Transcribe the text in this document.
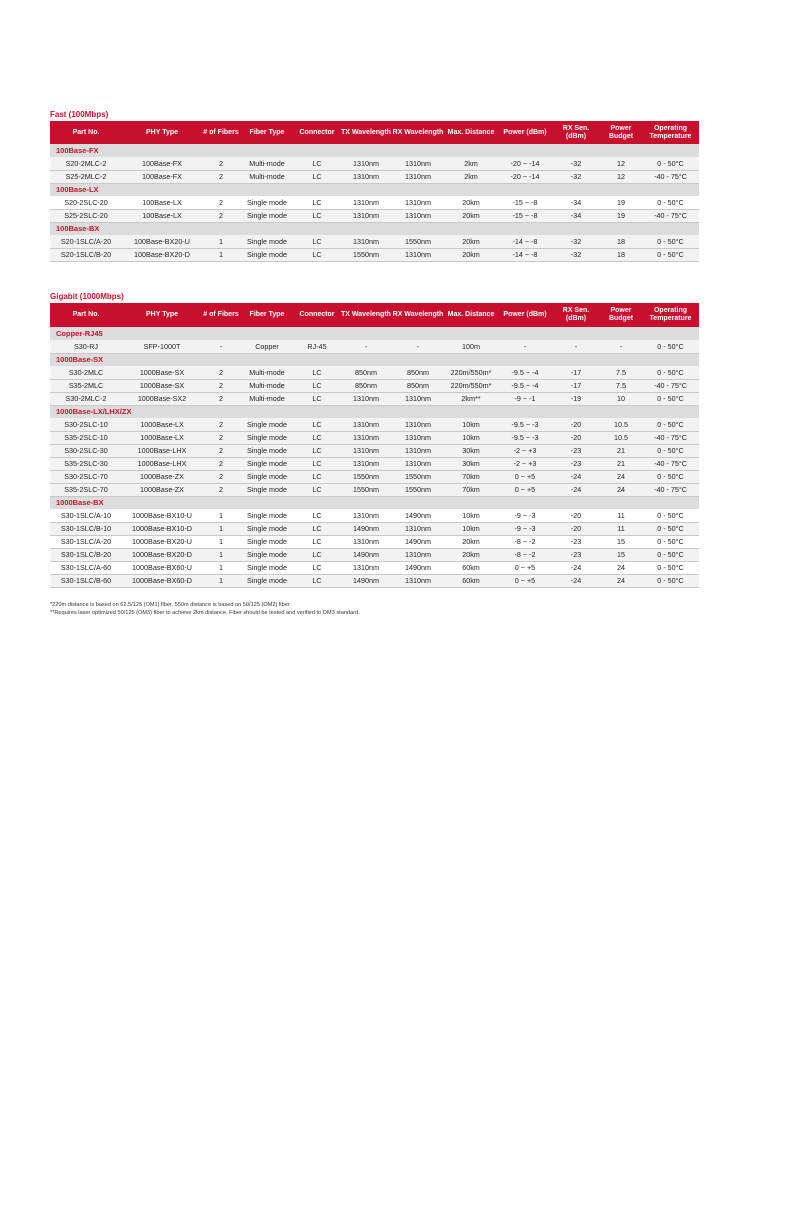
Fast (100Mbps)
Part No.	PHY Type	# of Fibers	Fiber Type	Connector	TX Wavelength	RX Wavelength	Max. Distance	Power (dBm)	RX Sen. (dBm)	Power Budget	Operating Temperature
100Base-FX											
S20-2MLC-2	100Base-FX	2	Multi-mode	LC	1310nm	1310nm	2km	-20 ~ -14	-32	12	0 - 50°C
S25-2MLC-2	100Base-FX	2	Multi-mode	LC	1310nm	1310nm	2km	-20 ~ -14	-32	12	-40 - 75°C
100Base-LX											
S20-2SLC-20	100Base-LX	2	Single mode	LC	1310nm	1310nm	20km	-15 ~ -8	-34	19	0 - 50°C
S25-2SLC-20	100Base-LX	2	Single mode	LC	1310nm	1310nm	20km	-15 ~ -8	-34	19	-40 - 75°C
100Base-BX											
S20-1SLC/A-20	100Base-BX20-U	1	Single mode	LC	1310nm	1550nm	20km	-14 ~ -8	-32	18	0 - 50°C
S20-1SLC/B-20	100Base-BX20-D	1	Single mode	LC	1550nm	1310nm	20km	-14 ~ -8	-32	18	0 - 50°C
Gigabit (1000Mbps)
Part No.	PHY Type	# of Fibers	Fiber Type	Connector	TX Wavelength	RX Wavelength	Max. Distance	Power (dBm)	RX Sen. (dBm)	Power Budget	Operating Temperature
Copper-RJ45											
S30-RJ	SFP-1000T	-	Copper	RJ-45	-	-	100m	-	-	-	0 - 50°C
1000Base-SX											
S30-2MLC	1000Base-SX	2	Multi-mode	LC	850nm	850nm	220m/550m*	-9.5 ~ -4	-17	7.5	0 - 50°C
S35-2MLC	1000Base-SX	2	Multi-mode	LC	850nm	850nm	220m/550m*	-9.5 ~ -4	-17	7.5	-40 - 75°C
S30-2MLC-2	1000Base-SX2	2	Multi-mode	LC	1310nm	1310nm	2km**	-9 ~ -1	-19	10	0 - 50°C
1000Base-LX/LHX/ZX											
S30-2SLC-10	1000Base-LX	2	Single mode	LC	1310nm	1310nm	10km	-9.5 ~ -3	-20	10.5	0 - 50°C
S35-2SLC-10	1000Base-LX	2	Single mode	LC	1310nm	1310nm	10km	-9.5 ~ -3	-20	10.5	-40 - 75°C
S30-2SLC-30	1000Base-LHX	2	Single mode	LC	1310nm	1310nm	30km	-2 ~ +3	-23	21	0 - 50°C
S35-2SLC-30	1000Base-LHX	2	Single mode	LC	1310nm	1310nm	30km	-2 ~ +3	-23	21	-40 - 75°C
S30-2SLC-70	1000Base-ZX	2	Single mode	LC	1550nm	1550nm	70km	0 ~ +5	-24	24	0 - 50°C
S35-2SLC-70	1000Base-ZX	2	Single mode	LC	1550nm	1550nm	70km	0 ~ +5	-24	24	-40 - 75°C
1000Base-BX											
S30-1SLC/A-10	1000Base-BX10-U	1	Single mode	LC	1310nm	1490nm	10km	-9 ~ -3	-20	11	0 - 50°C
S30-1SLC/B-10	1000Base-BX10-D	1	Single mode	LC	1490nm	1310nm	10km	-9 ~ -3	-20	11	0 - 50°C
S30-1SLC/A-20	1000Base-BX20-U	1	Single mode	LC	1310nm	1490nm	20km	-8 ~ -2	-23	15	0 - 50°C
S30-1SLC/B-20	1000Base-BX20-D	1	Single mode	LC	1490nm	1310nm	20km	-8 ~ -2	-23	15	0 - 50°C
S30-1SLC/A-60	1000Base-BX60-U	1	Single mode	LC	1310nm	1490nm	60km	0 ~ +5	-24	24	0 - 50°C
S30-1SLC/B-60	1000Base-BX60-D	1	Single mode	LC	1490nm	1310nm	60km	0 ~ +5	-24	24	0 - 50°C
*220m distance is based on 62.5/125 (OM1) fiber. 550m distance is based on 50/125 (OM2) fiber
**Requires laser optimized 50/125 (OM3) fiber to achieve 2km distance. Fiber should be tested and verified to OM3 standard.
